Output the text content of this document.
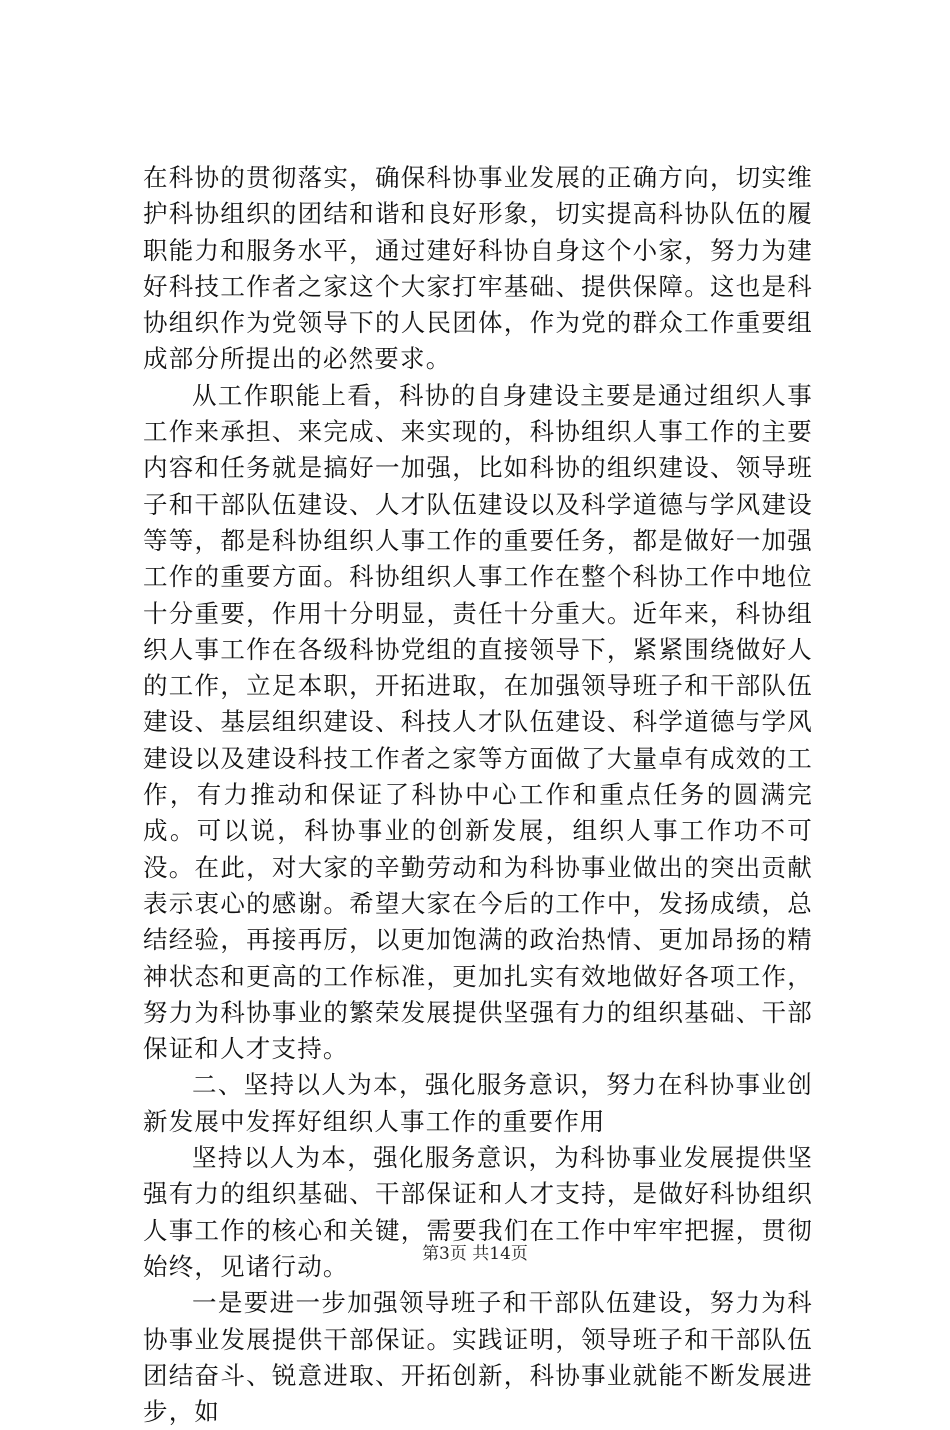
在科协的贯彻落实，确保科协事业发展的正确方向，切实维护科协组织的团结和谐和良好形象，切实提高科协队伍的履职能力和服务水平，通过建好科协自身这个小家，努力为建好科技工作者之家这个大家打牢基础、提供保障。这也是科协组织作为党领导下的人民团体，作为党的群众工作重要组成部分所提出的必然要求。

从工作职能上看，科协的自身建设主要是通过组织人事工作来承担、来完成、来实现的，科协组织人事工作的主要内容和任务就是搞好一加强，比如科协的组织建设、领导班子和干部队伍建设、人才队伍建设以及科学道德与学风建设等等，都是科协组织人事工作的重要任务，都是做好一加强工作的重要方面。科协组织人事工作在整个科协工作中地位十分重要，作用十分明显，责任十分重大。近年来，科协组织人事工作在各级科协党组的直接领导下，紧紧围绕做好人的工作，立足本职，开拓进取，在加强领导班子和干部队伍建设、基层组织建设、科技人才队伍建设、科学道德与学风建设以及建设科技工作者之家等方面做了大量卓有成效的工作，有力推动和保证了科协中心工作和重点任务的圆满完成。可以说，科协事业的创新发展，组织人事工作功不可没。在此，对大家的辛勤劳动和为科协事业做出的突出贡献表示衷心的感谢。希望大家在今后的工作中，发扬成绩，总结经验，再接再厉，以更加饱满的政治热情、更加昂扬的精神状态和更高的工作标准，更加扎实有效地做好各项工作，努力为科协事业的繁荣发展提供坚强有力的组织基础、干部保证和人才支持。

二、坚持以人为本，强化服务意识，努力在科协事业创新发展中发挥好组织人事工作的重要作用

坚持以人为本，强化服务意识，为科协事业发展提供坚强有力的组织基础、干部保证和人才支持，是做好科协组织人事工作的核心和关键，需要我们在工作中牢牢把握，贯彻始终，见诸行动。

一是要进一步加强领导班子和干部队伍建设，努力为科协事业发展提供干部保证。实践证明，领导班子和干部队伍团结奋斗、锐意进取、开拓创新，科协事业就能不断发展进步，如

第3页 共14页
